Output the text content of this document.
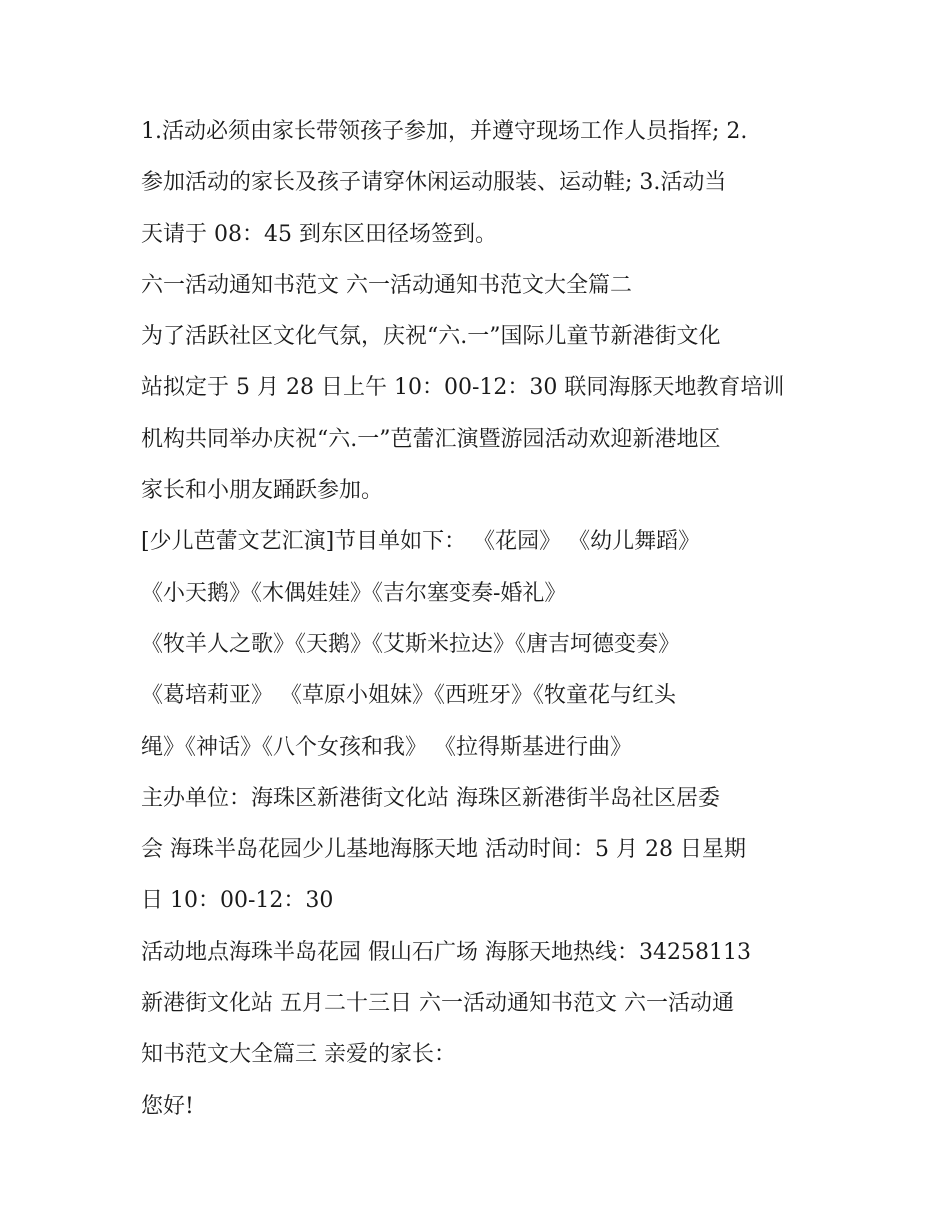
1.活动必须由家长带领孩子参加，并遵守现场工作人员指挥; 2.
参加活动的家长及孩子请穿休闲运动服装、运动鞋; 3.活动当
天请于 08：45 到东区田径场签到。
六一活动通知书范文 六一活动通知书范文大全篇二
为了活跃社区文化气氛，庆祝“六.一”国际儿童节新港街文化
站拟定于 5 月 28 日上午 10：00-12：30 联同海豚天地教育培训
机构共同举办庆祝“六.一”芭蕾汇演暨游园活动欢迎新港地区
家长和小朋友踊跃参加。
[少儿芭蕾文艺汇演]节目单如下： 《花园》 《幼儿舞蹈》
《小天鹅》《木偶娃娃》《吉尔塞变奏-婚礼》
《牧羊人之歌》《天鹅》《艾斯米拉达》《唐吉坷德变奏》
《葛培莉亚》 《草原小姐妹》《西班牙》《牧童花与红头
绳》《神话》《八个女孩和我》 《拉得斯基进行曲》
主办单位：海珠区新港街文化站 海珠区新港街半岛社区居委
会 海珠半岛花园少儿基地海豚天地 活动时间：5 月 28 日星期
日 10：00-12：30
活动地点海珠半岛花园 假山石广场 海豚天地热线：34258113
新港街文化站 五月二十三日 六一活动通知书范文 六一活动通
知书范文大全篇三 亲爱的家长：
您好!
